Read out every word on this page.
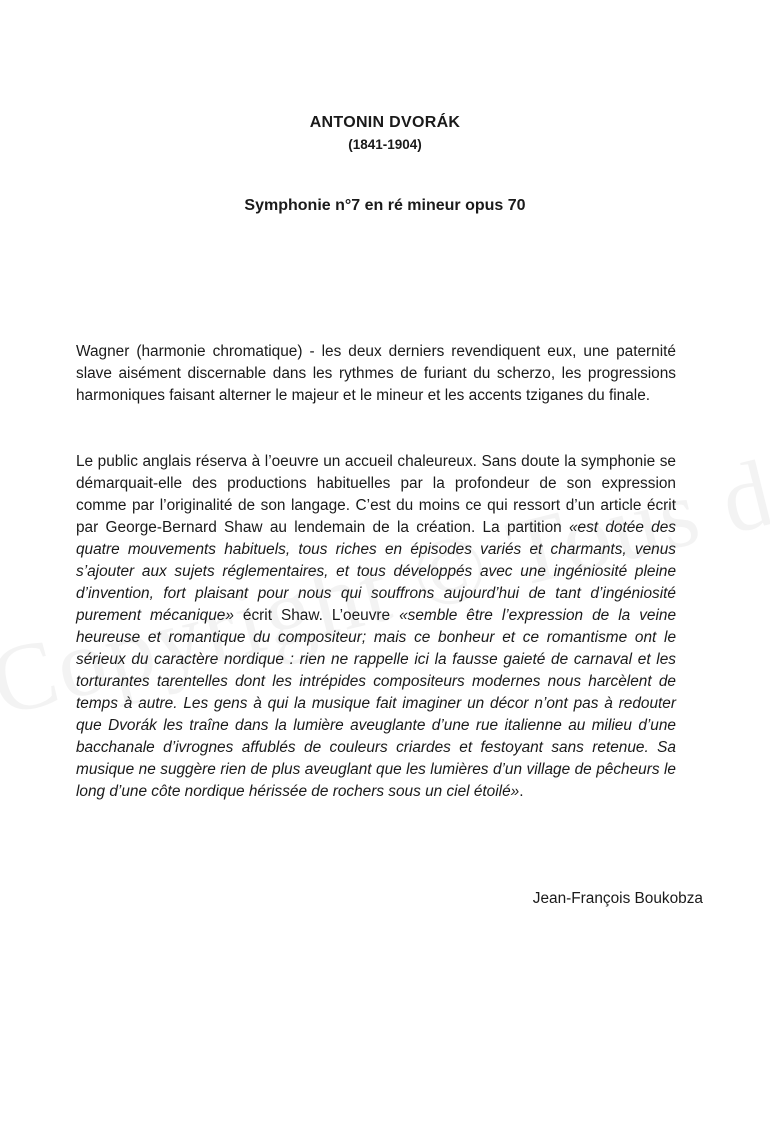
ANTONIN DVORÁK
(1841-1904)
Symphonie n°7 en ré mineur opus 70
Wagner (harmonie chromatique) - les deux derniers revendiquent eux, une paternité slave aisément discernable dans les rythmes de furiant du scherzo, les progressions harmoniques faisant alterner le majeur et le mineur et les accents tziganes du finale.
Le public anglais réserva à l’oeuvre un accueil chaleureux. Sans doute la symphonie se démarquait-elle des productions habituelles par la profondeur de son expression comme par l’originalité de son langage. C’est du moins ce qui ressort d’un article écrit par George-Bernard Shaw au lendemain de la création. La partition «est dotée des quatre mouvements habituels, tous riches en épisodes variés et charmants, venus s’ajouter aux sujets réglementaires, et tous développés avec une ingéniosité pleine d’invention, fort plaisant pour nous qui souffrons aujourd’hui de tant d’ingéniosité purement mécanique» écrit Shaw. L’oeuvre «semble être l’expression de la veine heureuse et romantique du compositeur; mais ce bonheur et ce romantisme ont le sérieux du caractère nordique : rien ne rappelle ici la fausse gaieté de carnaval et les torturantes tarentelles dont les intrépides compositeurs modernes nous harcèlent de temps à autre. Les gens à qui la musique fait imaginer un décor n’ont pas à redouter que Dvorák les traîne dans la lumière aveuglante d’une rue italienne au milieu d’une bacchanale d’ivrognes affublés de couleurs criardes et festoyant sans retenue. Sa musique ne suggère rien de plus aveuglant que les lumières d’un village de pêcheurs le long d’une côte nordique hérissée de rochers sous un ciel étoilé».
Jean-François Boukobza
